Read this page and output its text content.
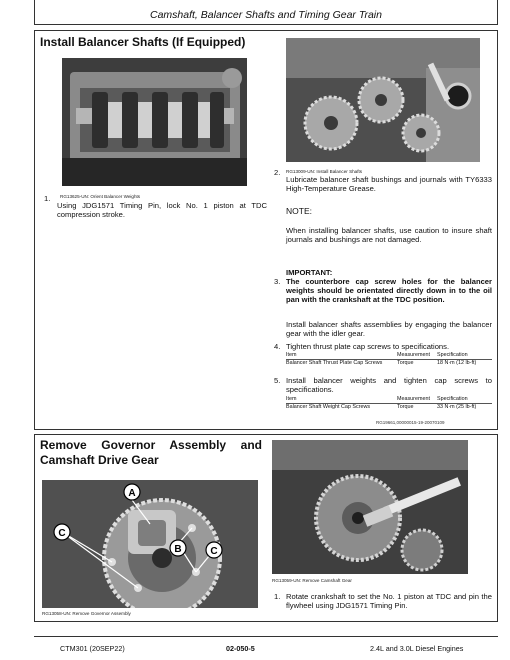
Camshaft, Balancer Shafts and Timing Gear Train
Install Balancer Shafts (If Equipped)
RG13625-UN: Orient Balancer Weights
1.
Using JDG1571 Timing Pin, lock No. 1 piston at TDC compression stroke.
RG13009-UN: Install Balancer Shafts
2.
Lubricate balancer shaft bushings and journals with TY6333 High-Temperature Grease.
NOTE:
When installing balancer shafts, use caution to insure shaft journals and bushings are not damaged.
IMPORTANT:
3. The counterbore cap screw holes for the balancer weights should be orientated directly down in to the oil pan with the crankshaft at the TDC position.
Install balancer shafts assemblies by engaging the balancer gear with the idler gear.
4. Tighten thrust plate cap screws to specifications.
Item	Measurement	Specification
Balancer Shaft Thrust Plate Cap Screws	Torque	18 N·m (12 lb-ft)
5. Install balancer weights and tighten cap screws to specifications.
Item	Measurement	Specification
Balancer Shaft Weight Cap Screws	Torque	33 N·m (25 lb-ft)
RG19661,00000015-19-20070109
Remove Governor Assembly and
Camshaft Drive Gear
A
C
B	C
RG13058-UN: Remove Governor Assembly
RG13059-UN: Remove Camshaft Gear
1. Rotate crankshaft to set the No. 1 piston at TDC and pin the flywheel using JDG1571 Timing Pin.
CTM301 (20SEP22)	02-050-5	2.4L and 3.0L Diesel Engines
